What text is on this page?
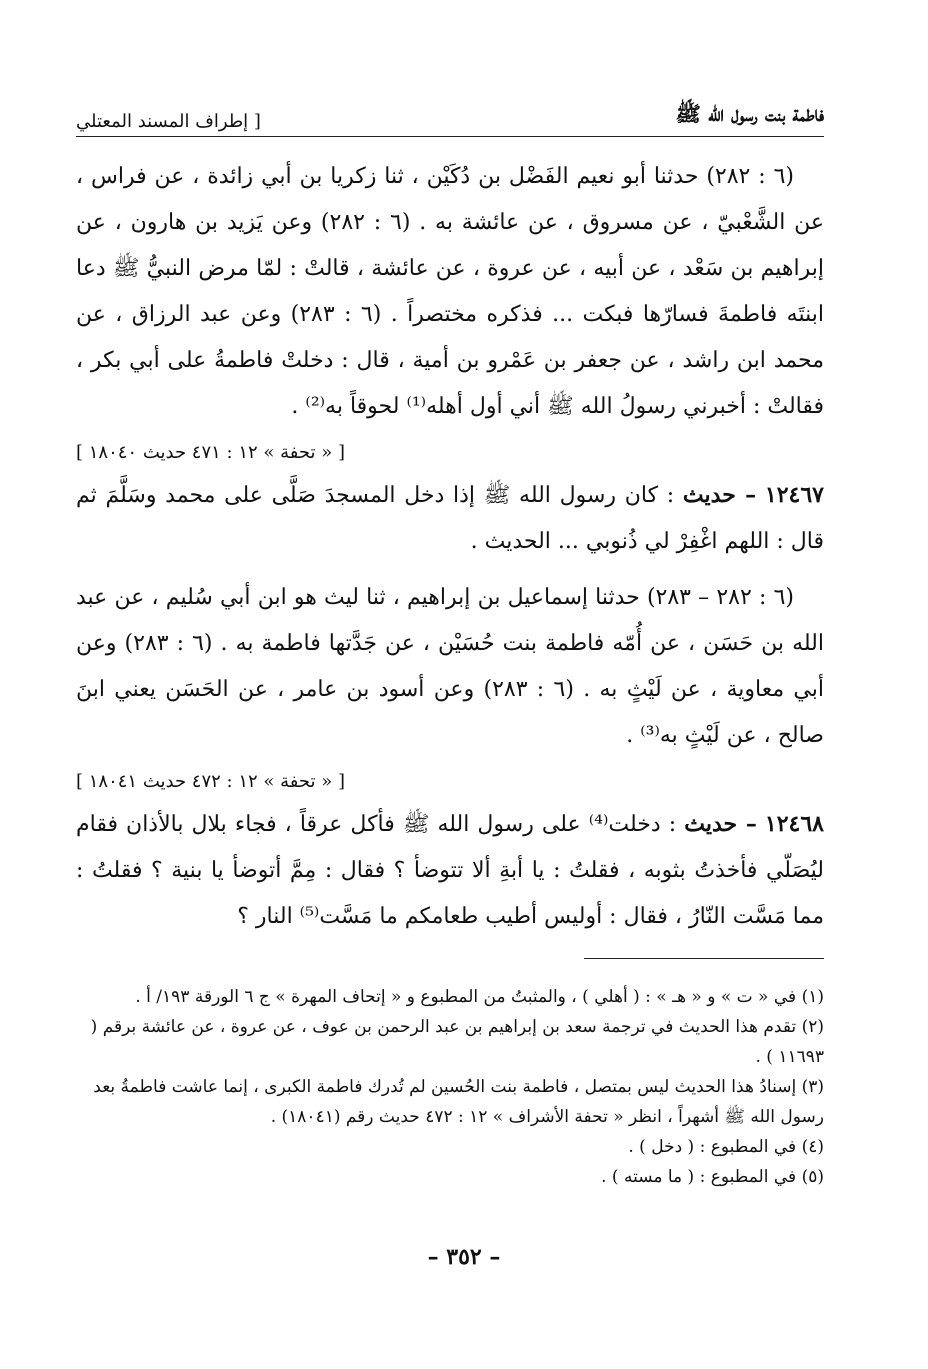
فاطمة بنت رسول الله ﷺ
[ إطراف المسند المعتلي

(٦ : ٢٨٢) حدثنا أبو نعيم الفَضْل بن دُكَيْن ، ثنا زكريا بن أبي زائدة ، عن فراس ، عن الشَّعْبيّ ، عن مسروق ، عن عائشة به . (٦ : ٢٨٢) وعن يَزيد بن هارون ، عن إبراهيم بن سَعْد ، عن أبيه ، عن عروة ، عن عائشة ، قالتْ : لمّا مرض النبيُّ ﷺ دعا ابنتَه فاطمةَ فسارّها فبكت ... فذكره مختصراً . (٦ : ٢٨٣) وعن عبد الرزاق ، عن محمد ابن راشد ، عن جعفر بن عَمْرو بن أمية ، قال : دخلتْ فاطمةُ على أبي بكر ، فقالتْ : أخبرني رسولُ الله ﷺ أني أول أهله⁽¹⁾ لحوقاً به⁽²⁾ .

[ « تحفة » ١٢ : ٤٧١ حديث ١٨٠٤٠ ]

١٢٤٦٧ – حديث : كان رسول الله ﷺ إذا دخل المسجدَ صَلَّى على محمد وسَلَّمَ ثم قال : اللهم اغْفِرْ لي ذُنوبي ... الحديث .

(٦ : ٢٨٢ – ٢٨٣) حدثنا إسماعيل بن إبراهيم ، ثنا ليث هو ابن أبي سُليم ، عن عبد الله بن حَسَن ، عن أُمّه فاطمة بنت حُسَيْن ، عن جَدَّتها فاطمة به . (٦ : ٢٨٣) وعن أبي معاوية ، عن لَيْثٍ به . (٦ : ٢٨٣) وعن أسود بن عامر ، عن الحَسَن يعني ابنَ صالح ، عن لَيْثٍ به⁽³⁾ .

[ « تحفة » ١٢ : ٤٧٢ حديث ١٨٠٤١ ]

١٢٤٦٨ – حديث : دخلت⁽⁴⁾ على رسول الله ﷺ فأكل عرقاً ، فجاء بلال بالأذان فقام ليُصَلّي فأخذتُ بثوبه ، فقلتُ : يا أبةِ ألا تتوضأ ؟ فقال : مِمَّ أتوضأ يا بنية ؟ فقلتُ : مما مَسَّت النّارُ ، فقال : أوليس أطيب طعامكم ما مَسَّت⁽⁵⁾ النار ؟

(١) في « ت » و « هـ » : ( أهلي ) ، والمثبتُ من المطبوع و « إتحاف المهرة » ج ٦ الورقة ١٩٣/ أ .

(٢) تقدم هذا الحديث في ترجمة سعد بن إبراهيم بن عبد الرحمن بن عوف ، عن عروة ، عن عائشة برقم ( ١١٦٩٣ ) .

(٣) إسنادُ هذا الحديث ليس بمتصل ، فاطمة بنت الحُسين لم تُدرك فاطمة الكبرى ، إنما عاشت فاطمةُ بعد رسول الله ﷺ أشهراً ، انظر « تحفة الأشراف » ١٢ : ٤٧٢ حديث رقم (١٨٠٤١) .

(٤) في المطبوع : ( دخل ) .

(٥) في المطبوع : ( ما مسته ) .

– ٣٥٢ –
